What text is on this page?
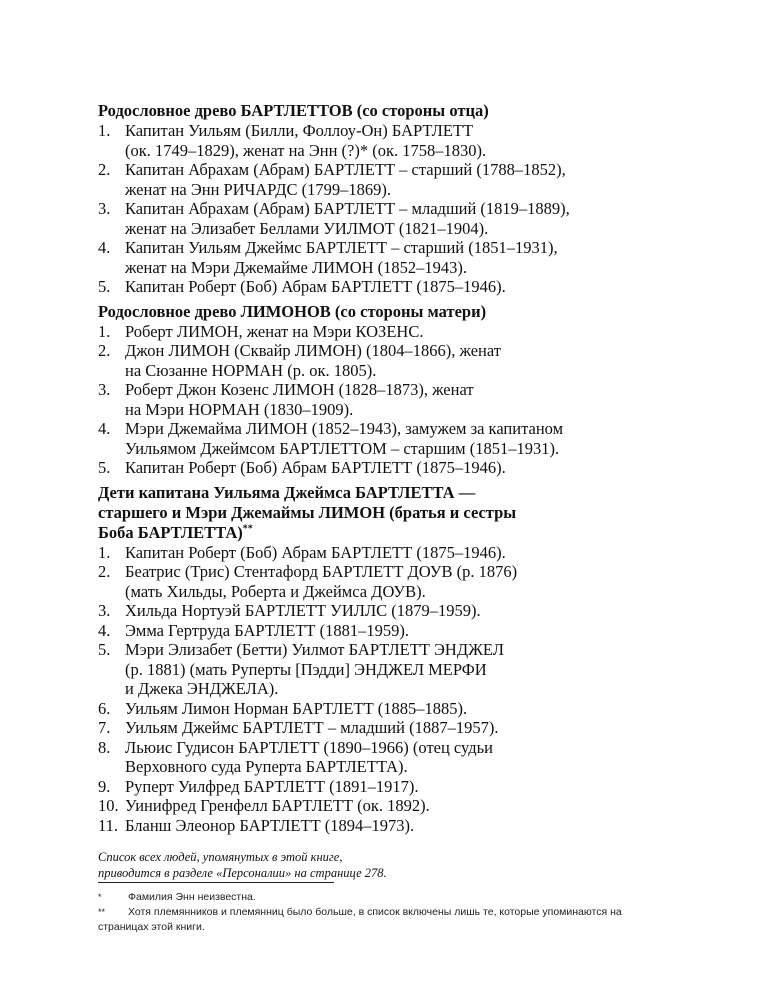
Родословное древо БАРТЛЕТТОВ (со стороны отца)
1. Капитан Уильям (Билли, Фоллоу-Он) БАРТЛЕТТ
(ок. 1749–1829), женат на Энн (?)* (ок. 1758–1830).
2. Капитан Абрахам (Абрам) БАРТЛЕТТ – старший (1788–1852),
женат на Энн РИЧАРДС (1799–1869).
3. Капитан Абрахам (Абрам) БАРТЛЕТТ – младший (1819–1889),
женат на Элизабет Беллами УИЛМОТ (1821–1904).
4. Капитан Уильям Джеймс БАРТЛЕТТ – старший (1851–1931),
женат на Мэри Джемайме ЛИМОН (1852–1943).
5. Капитан Роберт (Боб) Абрам БАРТЛЕТТ (1875–1946).
Родословное древо ЛИМОНОВ (со стороны матери)
1. Роберт ЛИМОН, женат на Мэри КОЗЕНС.
2. Джон ЛИМОН (Сквайр ЛИМОН) (1804–1866), женат
на Сюзанне НОРМАН (р. ок. 1805).
3. Роберт Джон Козенс ЛИМОН (1828–1873), женат
на Мэри НОРМАН (1830–1909).
4. Мэри Джемайма ЛИМОН (1852–1943), замужем за капитаном
Уильямом Джеймсом БАРТЛЕТТОМ – старшим (1851–1931).
5. Капитан Роберт (Боб) Абрам БАРТЛЕТТ (1875–1946).
Дети капитана Уильяма Джеймса БАРТЛЕТТА —
старшего и Мэри Джемаймы ЛИМОН (братья и сестры
Боба БАРТЛЕТТА)**
1. Капитан Роберт (Боб) Абрам БАРТЛЕТТ (1875–1946).
2. Беатрис (Трис) Стентафорд БАРТЛЕТТ ДОУВ (р. 1876)
(мать Хильды, Роберта и Джеймса ДОУВ).
3. Хильда Нортуэй БАРТЛЕТТ УИЛЛС (1879–1959).
4. Эмма Гертруда БАРТЛЕТТ (1881–1959).
5. Мэри Элизабет (Бетти) Уилмот БАРТЛЕТТ ЭНДЖЕЛ
(р. 1881) (мать Руперты [Пэдди] ЭНДЖЕЛ МЕРФИ
и Джека ЭНДЖЕЛА).
6. Уильям Лимон Норман БАРТЛЕТТ (1885–1885).
7. Уильям Джеймс БАРТЛЕТТ – младший (1887–1957).
8. Льюис Гудисон БАРТЛЕТТ (1890–1966) (отец судьи
Верховного суда Руперта БАРТЛЕТТА).
9. Руперт Уилфред БАРТЛЕТТ (1891–1917).
10. Уинифред Гренфелл БАРТЛЕТТ (ок. 1892).
11. Бланш Элеонор БАРТЛЕТТ (1894–1973).
Список всех людей, упомянутых в этой книге,
приводится в разделе «Персоналии» на странице 278.
*	Фамилия Энн неизвестна.
**	Хотя племянников и племянниц было больше, в список включены лишь те, которые упоминаются на
страницах этой книги.
